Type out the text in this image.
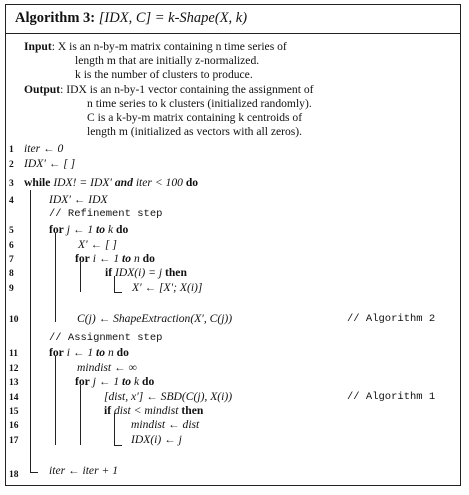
Algorithm 3: [IDX, C] = k-Shape(X, k)
Input: X is an n-by-m matrix containing n time series of
length m that are initially z-normalized.
k is the number of clusters to produce.
Output: IDX is an n-by-1 vector containing the assignment of
n time series to k clusters (initialized randomly).
C is a k-by-m matrix containing k centroids of
length m (initialized as vectors with all zeros).
1 iter ← 0
2 IDX′ ← [ ]
3 while IDX! = IDX′ and iter < 100 do
4	IDX′ ← IDX
// Refinement step
5	for j ← 1 to k do
6	X′ ← [ ]
7	for i ← 1 to n do
8	if IDX(i) = j then
9	X′ ← [X′; X(i)]
10	C(j) ← ShapeExtraction(X′, C(j))	// Algorithm 2
// Assignment step
11	for i ← 1 to n do
12	mindist ← ∞
13	for j ← 1 to k do
14	[dist, x′] ← SBD(C(j), X(i))	// Algorithm 1
15	if dist < mindist then
16	mindist ← dist
17	IDX(i) ← j
18	iter ← iter + 1
